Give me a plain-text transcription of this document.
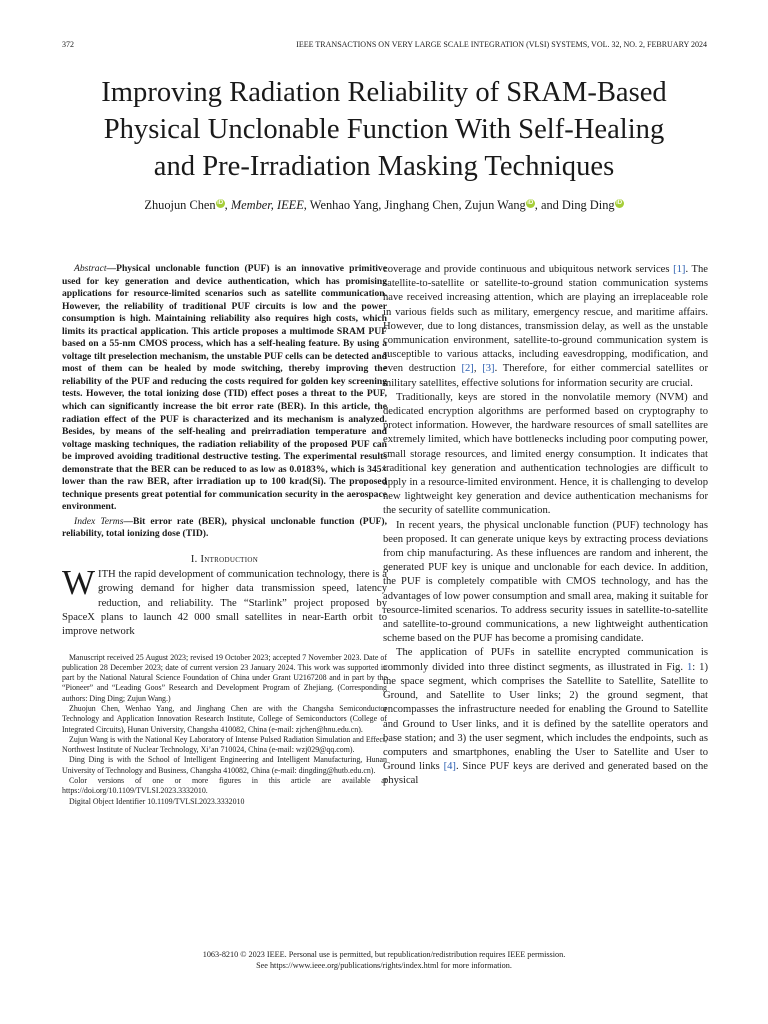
372	IEEE TRANSACTIONS ON VERY LARGE SCALE INTEGRATION (VLSI) SYSTEMS, VOL. 32, NO. 2, FEBRUARY 2024
Improving Radiation Reliability of SRAM-Based
Physical Unclonable Function With Self-Healing
and Pre-Irradiation Masking Techniques
Zhuojun Chen iD , Member, IEEE, Wenhao Yang, Jinghang Chen, Zujun Wang iD , and Ding Ding iD

Abstract—Physical unclonable function (PUF) is an innovative primitive used for key generation and device authentication, which has promising applications for resource-limited scenarios such as satellite communication. However, the reliability of traditional PUF circuits is low and the power consumption is high. Maintaining reliability also requires high costs, which limits its practical application. This article proposes a multimode SRAM PUF based on a 55-nm CMOS process, which has a self-healing feature. By using a voltage tilt preselection mechanism, the unstable PUF cells can be detected and most of them can be healed by mode switching, thereby improving the reliability of the PUF and reducing the costs required for golden key screening tests. However, the total ionizing dose (TID) effect poses a threat to the PUF, which can significantly increase the bit error rate (BER). In this article, the radiation effect of the PUF is characterized and its mechanism is analyzed. Besides, by means of the self-healing and preirradiation temperature and voltage masking techniques, the radiation reliability of the proposed PUF can be improved avoiding traditional destructive testing. The experimental results demonstrate that the BER can be reduced to as low as 0.0183%, which is 345× lower than the raw BER, after irradiation up to 100 krad(Si). The proposed technique presents great potential for communication security in the aerospace environment.

Index Terms—Bit error rate (BER), physical unclonable function (PUF), reliability, total ionizing dose (TID).

I. Introduction

WITH the rapid development of communication technology, there is a growing demand for higher data transmission speed, latency reduction, and reliability. The “Starlink” project proposed by SpaceX plans to launch 42 000 small satellites in near-Earth orbit to improve network

Manuscript received 25 August 2023; revised 19 October 2023; accepted 7 November 2023. Date of publication 28 December 2023; date of current version 23 January 2024. This work was supported in part by the National Natural Science Foundation of China under Grant U2167208 and in part by the “Pioneer” and “Leading Goos” Research and Development Program of Zhejiang. (Corresponding authors: Ding Ding; Zujun Wang.)

Zhuojun Chen, Wenhao Yang, and Jinghang Chen are with the Changsha Semiconductor Technology and Application Innovation Research Institute, College of Semiconductors (College of Integrated Circuits), Hunan University, Changsha 410082, China (e-mail: zjchen@hnu.edu.cn).

Zujun Wang is with the National Key Laboratory of Intense Pulsed Radiation Simulation and Effect, Northwest Institute of Nuclear Technology, Xi’an 710024, China (e-mail: wzj029@qq.com).

Ding Ding is with the School of Intelligent Engineering and Intelligent Manufacturing, Hunan University of Technology and Business, Changsha 410082, China (e-mail: dingding@hutb.edu.cn).

Color versions of one or more figures in this article are available at https://doi.org/10.1109/TVLSI.2023.3332010.

Digital Object Identifier 10.1109/TVLSI.2023.3332010

coverage and provide continuous and ubiquitous network services [1]. The satellite-to-satellite or satellite-to-ground station communication systems have received increasing attention, which are playing an irreplaceable role in various fields such as military, emergency rescue, and maritime affairs. However, due to long distances, transmission delay, as well as the unstable communication environment, satellite-to-ground communication system is susceptible to various attacks, including eavesdropping, modification, and even destruction [2], [3]. Therefore, for either commercial satellites or military satellites, effective solutions for information security are crucial.

Traditionally, keys are stored in the nonvolatile memory (NVM) and dedicated encryption algorithms are performed based on cryptography to protect information. However, the hardware resources of small satellites are extremely limited, which have bottlenecks including poor computing power, small storage resources, and limited energy consumption. It indicates that traditional key generation and authentication technologies are difficult to apply in a resource-limited environment. Hence, it is challenging to develop new lightweight key generation and device authentication mechanisms for the security of satellite communication.

In recent years, the physical unclonable function (PUF) technology has been proposed. It can generate unique keys by extracting process deviations from chip manufacturing. As these influences are random and inherent, the generated PUF key is unique and unclonable for each device. In addition, the PUF is completely compatible with CMOS technology, and has the advantages of low power consumption and small area, making it suitable for resource-limited scenarios. To address security issues in satellite-to-satellite and satellite-to-ground communications, a new lightweight authentication scheme based on the PUF has become a promising candidate.

The application of PUFs in satellite encrypted communication is commonly divided into three distinct segments, as illustrated in Fig. 1: 1) the space segment, which comprises the Satellite to Satellite, Satellite to Ground, and Satellite to User links; 2) the ground segment, that encompasses the infrastructure needed for enabling the Ground to Satellite and Ground to User links, and it is defined by the satellite operators and base station; and 3) the user segment, which includes the endpoints, such as computers and smartphones, enabling the User to Satellite and User to Ground links [4]. Since PUF keys are derived and generated based on the physical

1063-8210 © 2023 IEEE. Personal use is permitted, but republication/redistribution requires IEEE permission.
See https://www.ieee.org/publications/rights/index.html for more information.
